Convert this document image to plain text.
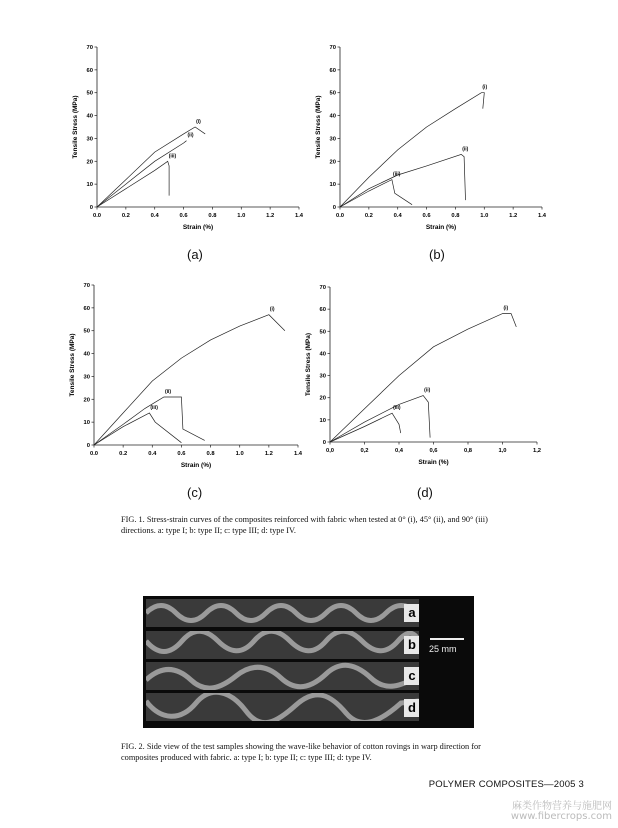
0.0	0.2	0.4	0.6	0.8	1.0	1.2	1.4
0
10
20
30
40
50
60
70
Strain (%)
Tensile Stress (MPa)	(i)
(ii)
(iii)
0.0	0.2	0.4	0.6	0.8	1.0	1.2	1.4
0
10
20
30
40
50
60
70
Strain (%)
Tensile Stress (MPa)
(i)
(ii)
(iii)
0.0	0.2	0.4	0.6	0.8	1.0	1.2	1.4
0
10
20
30
40
50
60
70
Strain (%)
Tensile Stress (MPa)
(i)
(ii)
(iii)
0,0	0,2	0,4	0,6	0,8	1,0	1,2
0
10
20
30
40
50
60
70
Strain (%)
Tensile Stress (MPa)
(i)
(ii)
(iii)
(a)	(b)
(c)	(d)
FIG. 1. Stress-strain curves of the composites reinforced with fabric when tested at 0° (i), 45° (ii), and 90° (iii) directions. a: type I; b: type II; c: type III; d: type IV.
a
b
c
d
25 mm
FIG. 2. Side view of the test samples showing the wave-like behavior of cotton rovings in warp direction for composites produced with fabric. a: type I; b: type II; c: type III; d: type IV.
POLYMER COMPOSITES—2005 3
麻类作物营养与施肥网
www.fibercrops.com
